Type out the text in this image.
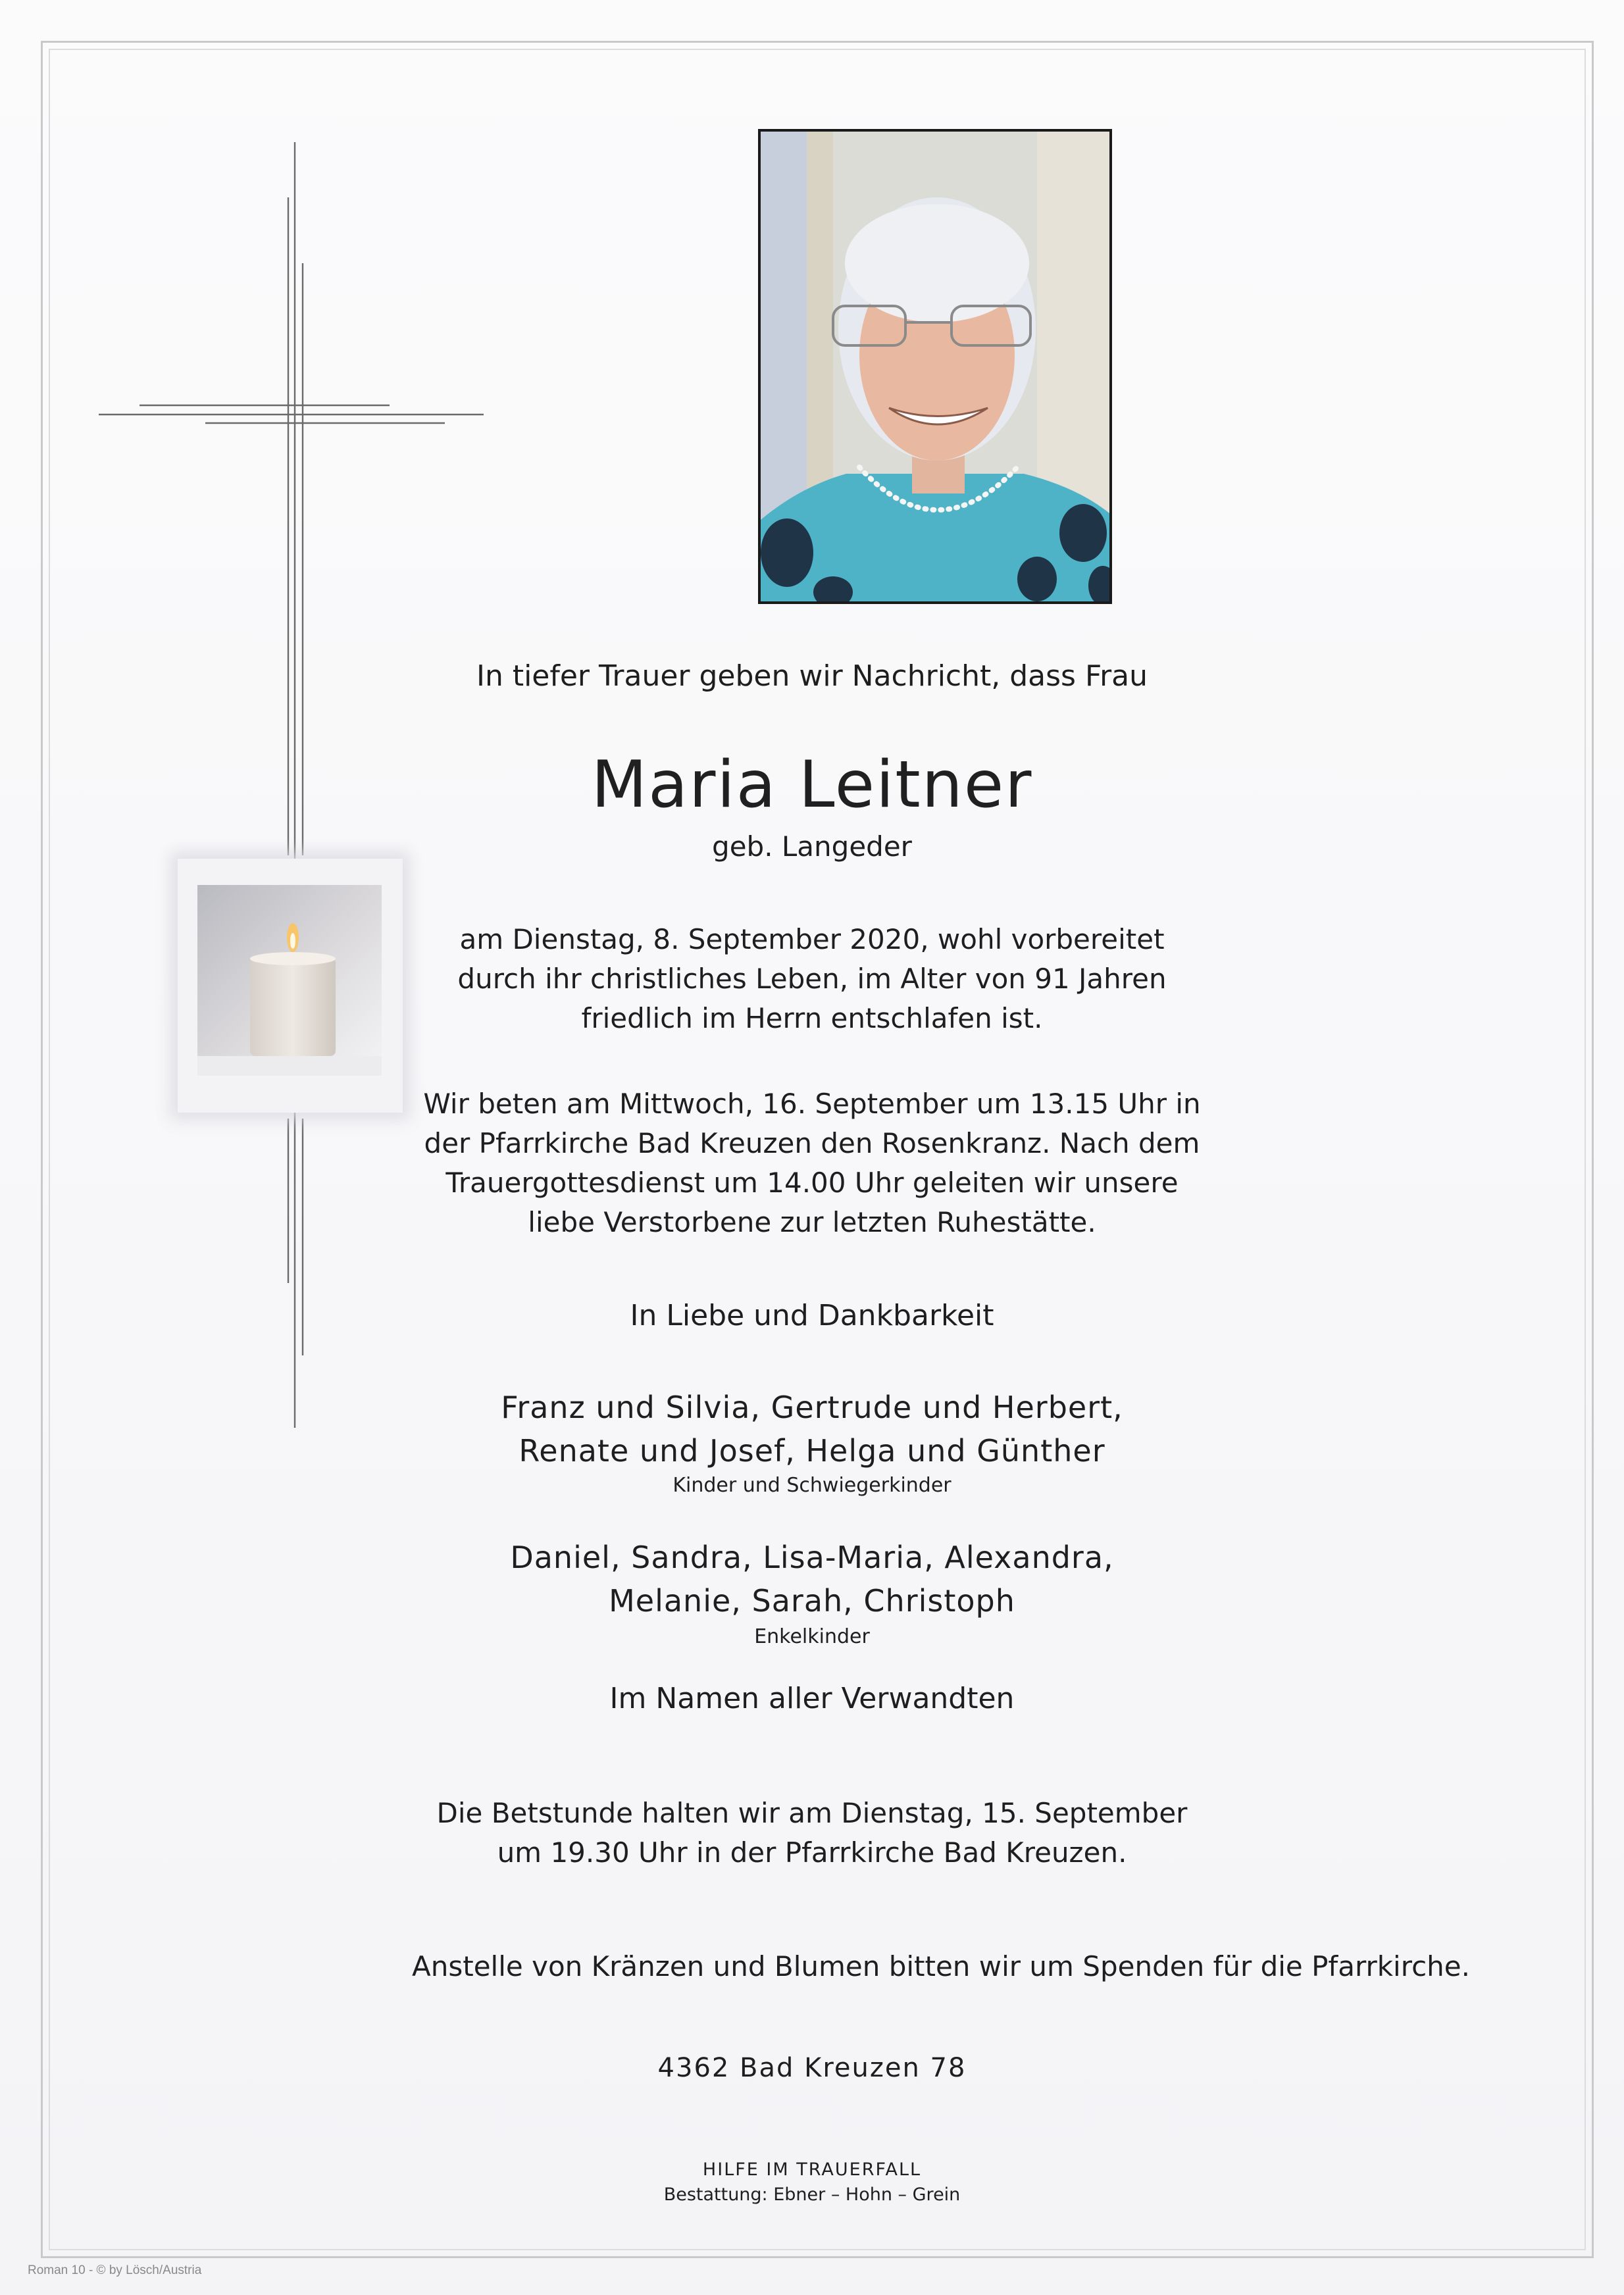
In tiefer Trauer geben wir Nachricht, dass Frau

Maria Leitner

geb. Langeder

am Dienstag, 8. September 2020, wohl vorbereitet
durch ihr christliches Leben, im Alter von 91 Jahren
friedlich im Herrn entschlafen ist.
Wir beten am Mittwoch, 16. September um 13.15 Uhr in
der Pfarrkirche Bad Kreuzen den Rosenkranz. Nach dem
Trauergottesdienst um 14.00 Uhr geleiten wir unsere
liebe Verstorbene zur letzten Ruhestätte.

In Liebe und Dankbarkeit

Franz und Silvia, Gertrude und Herbert,
Renate und Josef, Helga und Günther

Kinder und Schwiegerkinder

Daniel, Sandra, Lisa-Maria, Alexandra,
Melanie, Sarah, Christoph

Enkelkinder

Im Namen aller Verwandten

Die Betstunde halten wir am Dienstag, 15. September
um 19.30 Uhr in der Pfarrkirche Bad Kreuzen.

Anstelle von Kränzen und Blumen bitten wir um Spenden für die Pfarrkirche.

4362 Bad Kreuzen 78

HILFE IM TRAUERFALL

Bestattung: Ebner – Hohn – Grein

Roman 10 - © by Lösch/Austria
